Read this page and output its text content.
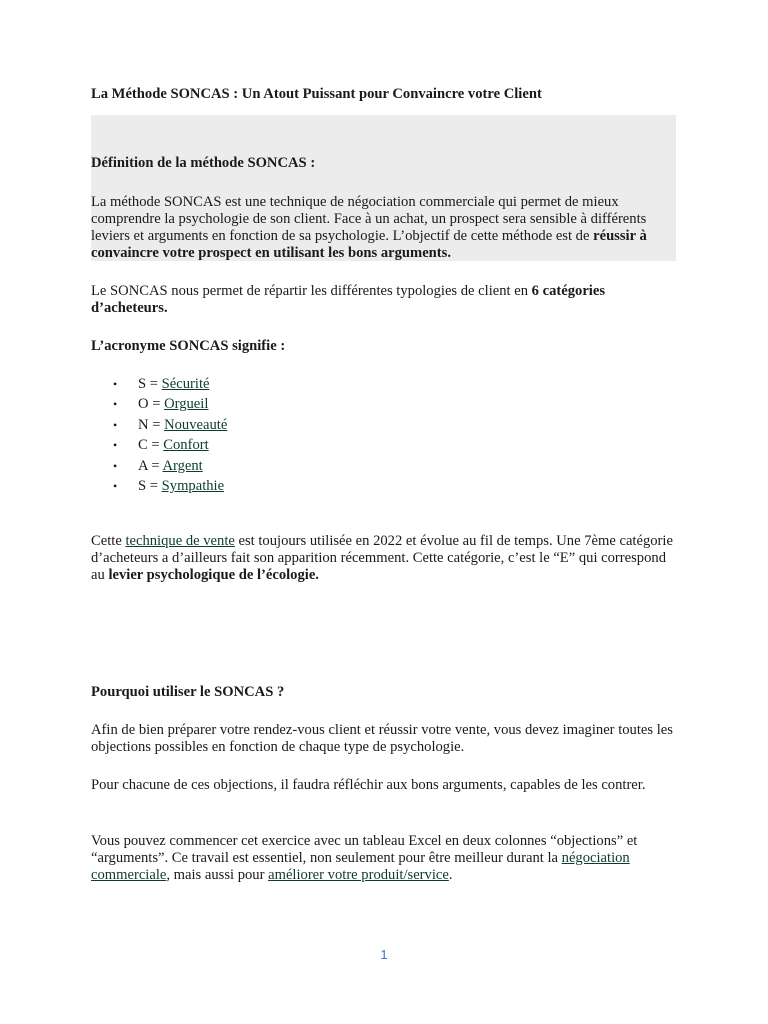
La Méthode SONCAS : Un Atout Puissant pour Convaincre votre Client

Définition de la méthode SONCAS :

La méthode SONCAS est une technique de négociation commerciale qui permet de mieux comprendre la psychologie de son client. Face à un achat, un prospect sera sensible à différents leviers et arguments en fonction de sa psychologie. L’objectif de cette méthode est de réussir à convaincre votre prospect en utilisant les bons arguments.

Le SONCAS nous permet de répartir les différentes typologies de client en 6 catégories d’acheteurs.

L’acronyme SONCAS signifie :

• S = Sécurité
• O = Orgueil
• N = Nouveauté
• C = Confort
• A = Argent
• S = Sympathie

Cette technique de vente est toujours utilisée en 2022 et évolue au fil de temps. Une 7ème catégorie d’acheteurs a d’ailleurs fait son apparition récemment. Cette catégorie, c’est le “E” qui correspond au levier psychologique de l’écologie.

Pourquoi utiliser le SONCAS ?

Afin de bien préparer votre rendez-vous client et réussir votre vente, vous devez imaginer toutes les objections possibles en fonction de chaque type de psychologie.

Pour chacune de ces objections, il faudra réfléchir aux bons arguments, capables de les contrer.

Vous pouvez commencer cet exercice avec un tableau Excel en deux colonnes “objections” et “arguments”. Ce travail est essentiel, non seulement pour être meilleur durant la négociation commerciale, mais aussi pour améliorer votre produit/service.

1
